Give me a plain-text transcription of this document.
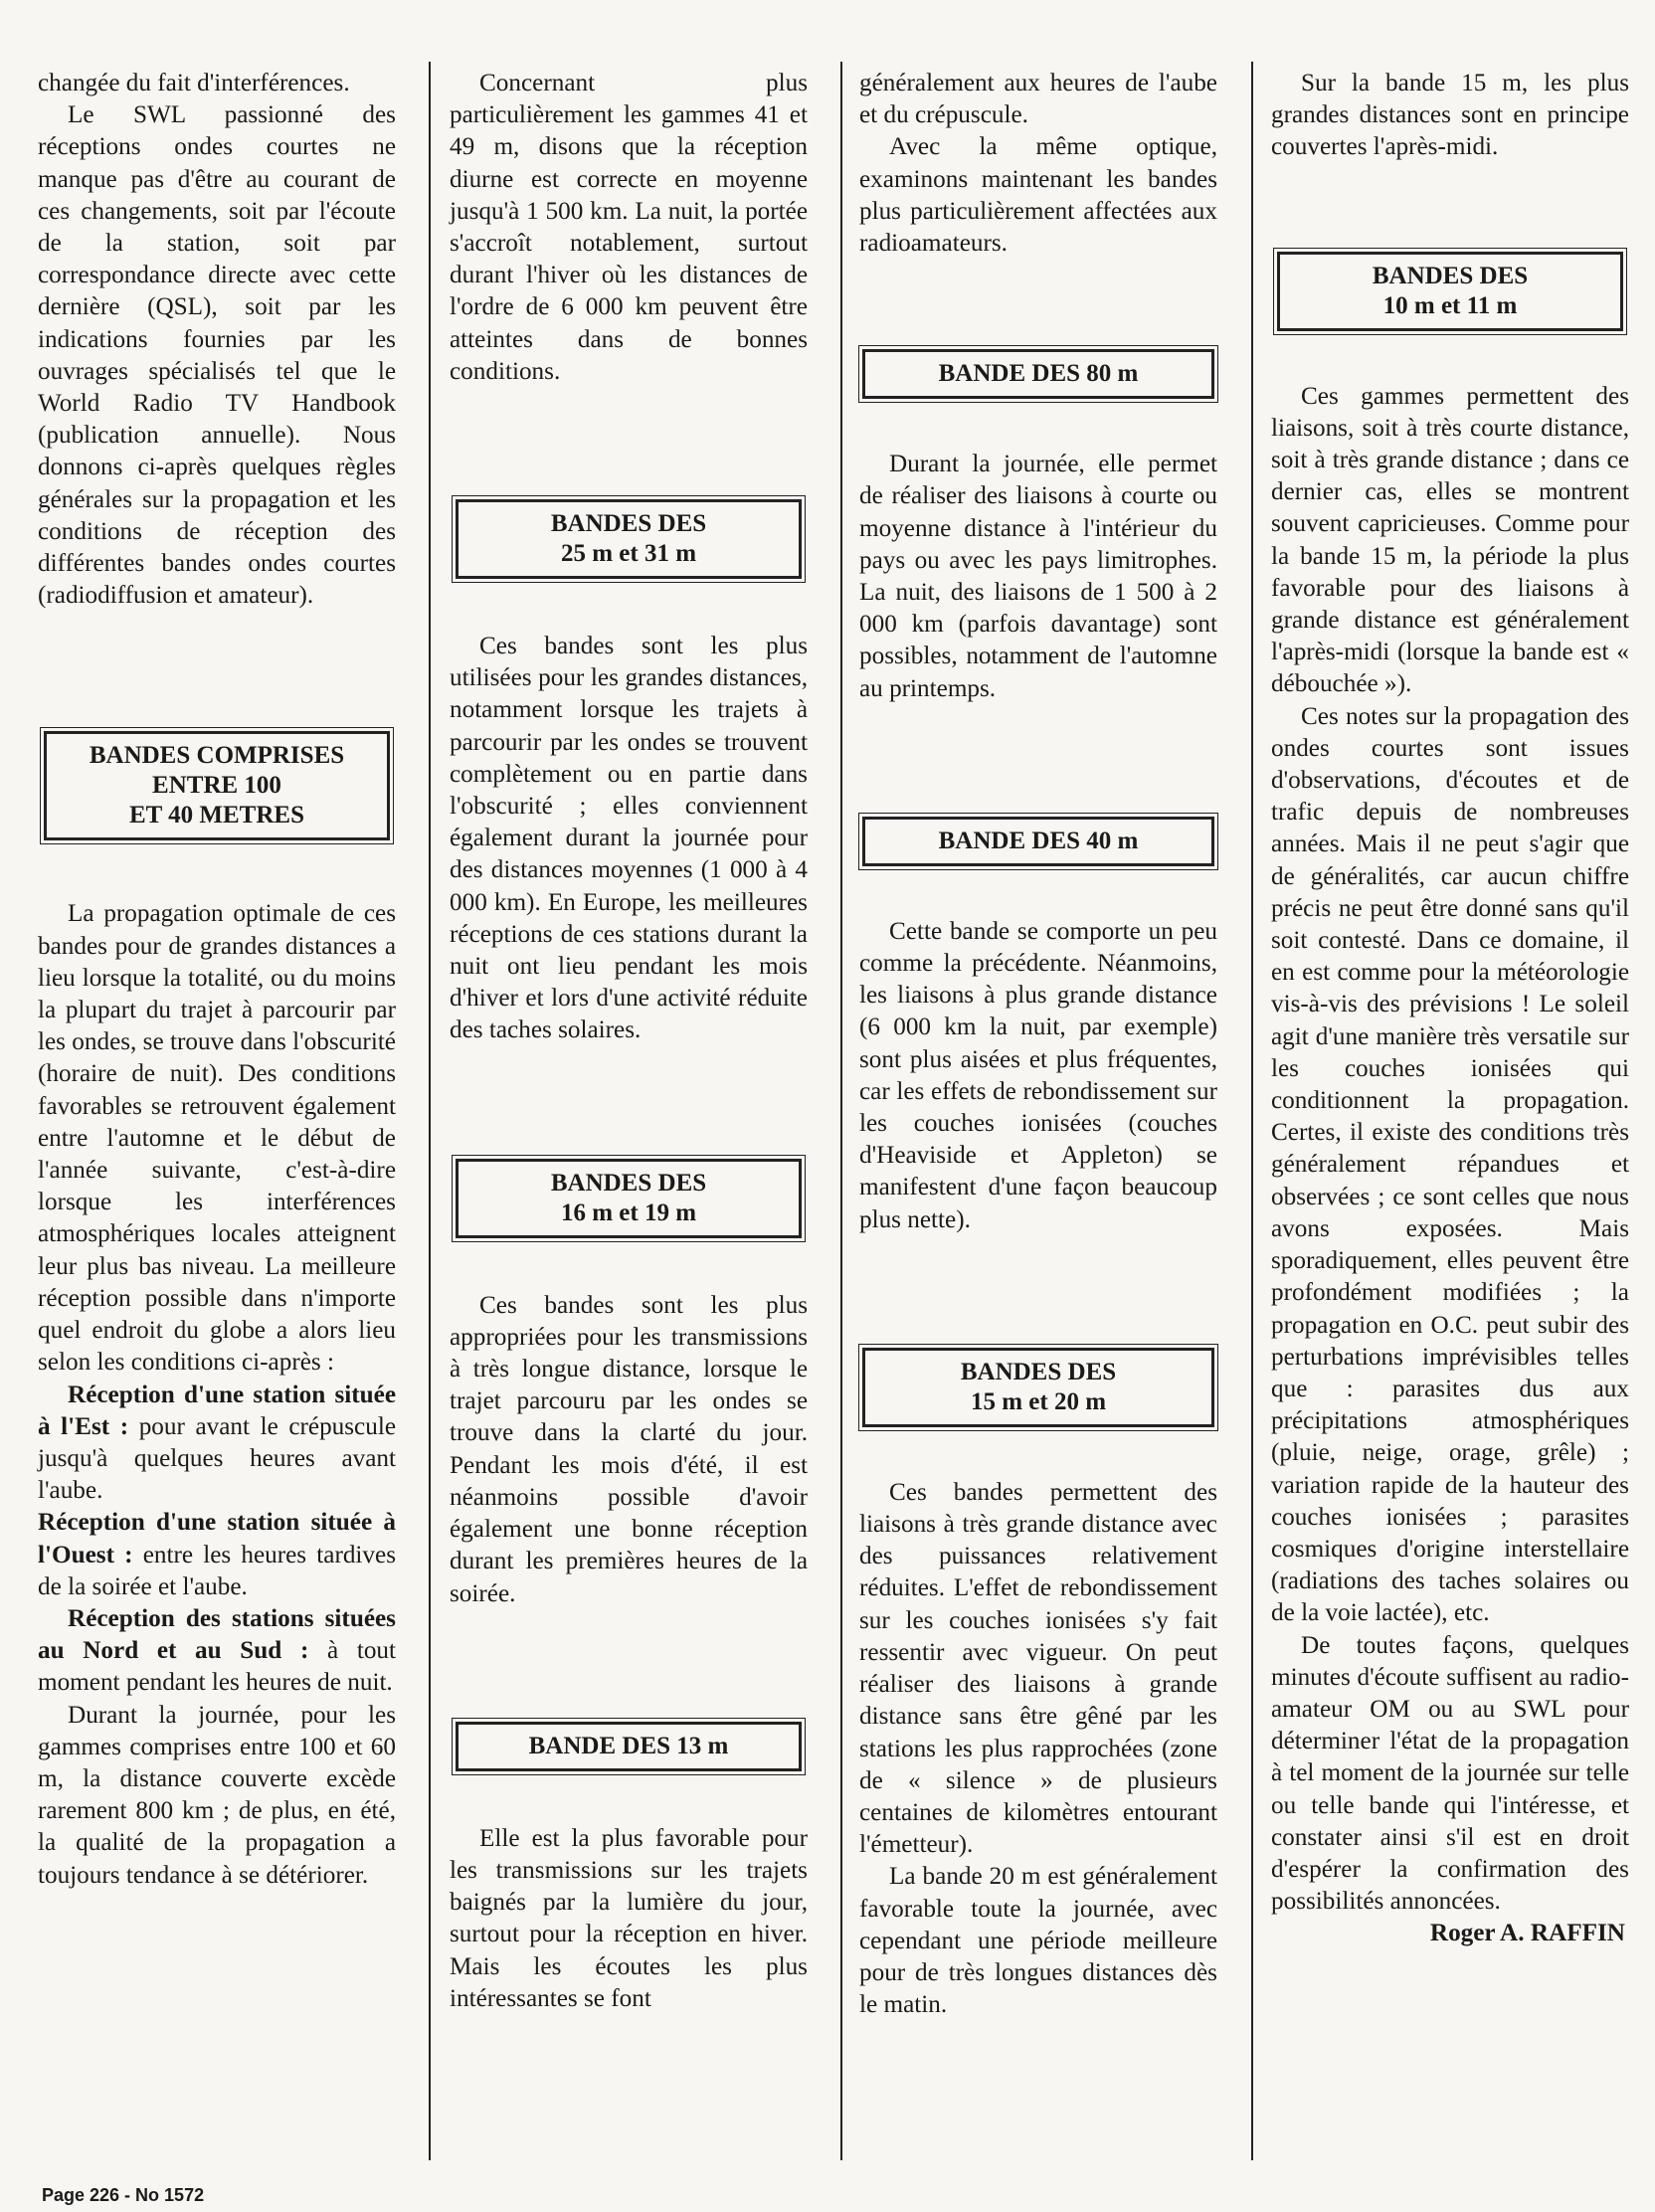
changée du fait d'interférences.

Le SWL passionné des réceptions ondes courtes ne manque pas d'être au courant de ces changements, soit par l'écoute de la station, soit par correspondance directe avec cette dernière (QSL), soit par les indications fournies par les ouvrages spécialisés tel que le World Radio TV Handbook (publication annuelle). Nous donnons ci-après quelques règles générales sur la propagation et les conditions de réception des différentes bandes ondes courtes (radiodiffusion et amateur).

BANDES COMPRISES
ENTRE 100
ET 40 METRES

La propagation optimale de ces bandes pour de grandes distances a lieu lorsque la totalité, ou du moins la plupart du trajet à parcourir par les ondes, se trouve dans l'obscurité (horaire de nuit). Des conditions favorables se retrouvent également entre l'automne et le début de l'année suivante, c'est-à-dire lorsque les interférences atmosphériques locales atteignent leur plus bas niveau. La meilleure réception possible dans n'importe quel endroit du globe a alors lieu selon les conditions ci-après :

Réception d'une station située à l'Est : pour avant le crépuscule jusqu'à quelques heures avant l'aube.

Réception d'une station située à l'Ouest : entre les heures tardives de la soirée et l'aube.

Réception des stations situées au Nord et au Sud : à tout moment pendant les heures de nuit.

Durant la journée, pour les gammes comprises entre 100 et 60 m, la distance couverte excède rarement 800 km ; de plus, en été, la qualité de la propagation a toujours tendance à se détériorer.

Concernant plus particulièrement les gammes 41 et 49 m, disons que la réception diurne est correcte en moyenne jusqu'à 1 500 km. La nuit, la portée s'accroît notablement, surtout durant l'hiver où les distances de l'ordre de 6 000 km peuvent être atteintes dans de bonnes conditions.

BANDES DES
25 m et 31 m

Ces bandes sont les plus utilisées pour les grandes distances, notamment lorsque les trajets à parcourir par les ondes se trouvent complètement ou en partie dans l'obscurité ; elles conviennent également durant la journée pour des distances moyennes (1 000 à 4 000 km). En Europe, les meilleures réceptions de ces stations durant la nuit ont lieu pendant les mois d'hiver et lors d'une activité réduite des taches solaires.

BANDES DES
16 m et 19 m

Ces bandes sont les plus appropriées pour les transmissions à très longue distance, lorsque le trajet parcouru par les ondes se trouve dans la clarté du jour. Pendant les mois d'été, il est néanmoins possible d'avoir également une bonne réception durant les premières heures de la soirée.

BANDE DES 13 m

Elle est la plus favorable pour les transmissions sur les trajets baignés par la lumière du jour, surtout pour la réception en hiver. Mais les écoutes les plus intéressantes se font

généralement aux heures de l'aube et du crépuscule.

Avec la même optique, examinons maintenant les bandes plus particulièrement affectées aux radioamateurs.

BANDE DES 80 m

Durant la journée, elle permet de réaliser des liaisons à courte ou moyenne distance à l'intérieur du pays ou avec les pays limitrophes. La nuit, des liaisons de 1 500 à 2 000 km (parfois davantage) sont possibles, notamment de l'automne au printemps.

BANDE DES 40 m

Cette bande se comporte un peu comme la précédente. Néanmoins, les liaisons à plus grande distance (6 000 km la nuit, par exemple) sont plus aisées et plus fréquentes, car les effets de rebondissement sur les couches ionisées (couches d'Heaviside et Appleton) se manifestent d'une façon beaucoup plus nette).

BANDES DES
15 m et 20 m

Ces bandes permettent des liaisons à très grande distance avec des puissances relativement réduites. L'effet de rebondissement sur les couches ionisées s'y fait ressentir avec vigueur. On peut réaliser des liaisons à grande distance sans être gêné par les stations les plus rapprochées (zone de « silence » de plusieurs centaines de kilomètres entourant l'émetteur).

La bande 20 m est généralement favorable toute la journée, avec cependant une période meilleure pour de très longues distances dès le matin.

Sur la bande 15 m, les plus grandes distances sont en principe couvertes l'après-midi.

BANDES DES
10 m et 11 m

Ces gammes permettent des liaisons, soit à très courte distance, soit à très grande distance ; dans ce dernier cas, elles se montrent souvent capricieuses. Comme pour la bande 15 m, la période la plus favorable pour des liaisons à grande distance est généralement l'après-midi (lorsque la bande est « débouchée »).

Ces notes sur la propagation des ondes courtes sont issues d'observations, d'écoutes et de trafic depuis de nombreuses années. Mais il ne peut s'agir que de généralités, car aucun chiffre précis ne peut être donné sans qu'il soit contesté. Dans ce domaine, il en est comme pour la météorologie vis-à-vis des prévisions ! Le soleil agit d'une manière très versatile sur les couches ionisées qui conditionnent la propagation. Certes, il existe des conditions très généralement répandues et observées ; ce sont celles que nous avons exposées. Mais sporadiquement, elles peuvent être profondément modifiées ; la propagation en O.C. peut subir des perturbations imprévisibles telles que : parasites dus aux précipitations atmosphériques (pluie, neige, orage, grêle) ; variation rapide de la hauteur des couches ionisées ; parasites cosmiques d'origine interstellaire (radiations des taches solaires ou de la voie lactée), etc.

De toutes façons, quelques minutes d'écoute suffisent au radio-amateur OM ou au SWL pour déterminer l'état de la propagation à tel moment de la journée sur telle ou telle bande qui l'intéresse, et constater ainsi s'il est en droit d'espérer la confirmation des possibilités annoncées.

Roger A. RAFFIN

Page 226 - No 1572
